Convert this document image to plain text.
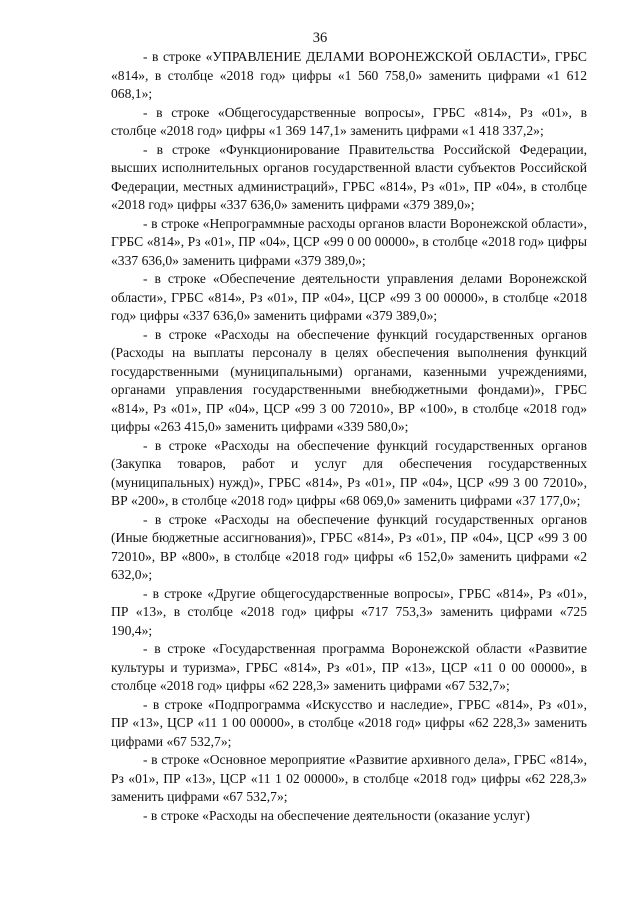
36

- в строке «УПРАВЛЕНИЕ ДЕЛАМИ ВОРОНЕЖСКОЙ ОБЛАСТИ», ГРБС «814», в столбце «2018 год» цифры «1 560 758,0» заменить цифрами «1 612 068,1»;

- в строке «Общегосударственные вопросы», ГРБС «814», Рз «01», в столбце «2018 год» цифры «1 369 147,1» заменить цифрами «1 418 337,2»;

- в строке «Функционирование Правительства Российской Федерации, высших исполнительных органов государственной власти субъектов Российской Федерации, местных администраций», ГРБС «814», Рз «01», ПР «04», в столбце «2018 год» цифры «337 636,0» заменить цифрами «379 389,0»;

- в строке «Непрограммные расходы органов власти Воронежской области», ГРБС «814», Рз «01», ПР «04», ЦСР «99 0 00 00000», в столбце «2018 год» цифры «337 636,0» заменить цифрами «379 389,0»;

- в строке «Обеспечение деятельности управления делами Воронежской области», ГРБС «814», Рз «01», ПР «04», ЦСР «99 3 00 00000», в столбце «2018 год» цифры «337 636,0» заменить цифрами «379 389,0»;

- в строке «Расходы на обеспечение функций государственных органов (Расходы на выплаты персоналу в целях обеспечения выполнения функций государственными (муниципальными) органами, казенными учреждениями, органами управления государственными внебюджетными фондами)», ГРБС «814», Рз «01», ПР «04», ЦСР «99 3 00 72010», ВР «100», в столбце «2018 год» цифры «263 415,0» заменить цифрами «339 580,0»;

- в строке «Расходы на обеспечение функций государственных органов (Закупка товаров, работ и услуг для обеспечения государственных (муниципальных) нужд)», ГРБС «814», Рз «01», ПР «04», ЦСР «99 3 00 72010», ВР «200», в столбце «2018 год» цифры «68 069,0» заменить цифрами «37 177,0»;

- в строке «Расходы на обеспечение функций государственных органов (Иные бюджетные ассигнования)», ГРБС «814», Рз «01», ПР «04», ЦСР «99 3 00 72010», ВР «800», в столбце «2018 год» цифры «6 152,0» заменить цифрами «2 632,0»;

- в строке «Другие общегосударственные вопросы», ГРБС «814», Рз «01», ПР «13», в столбце «2018 год» цифры «717 753,3» заменить цифрами «725 190,4»;

- в строке «Государственная программа Воронежской области «Развитие культуры и туризма», ГРБС «814», Рз «01», ПР «13», ЦСР «11 0 00 00000», в столбце «2018 год» цифры «62 228,3» заменить цифрами «67 532,7»;

- в строке «Подпрограмма «Искусство и наследие», ГРБС «814», Рз «01», ПР «13», ЦСР «11 1 00 00000», в столбце «2018 год» цифры «62 228,3» заменить цифрами «67 532,7»;

- в строке «Основное мероприятие «Развитие архивного дела», ГРБС «814», Рз «01», ПР «13», ЦСР «11 1 02 00000», в столбце «2018 год» цифры «62 228,3» заменить цифрами «67 532,7»;

- в строке «Расходы на обеспечение деятельности (оказание услуг)
